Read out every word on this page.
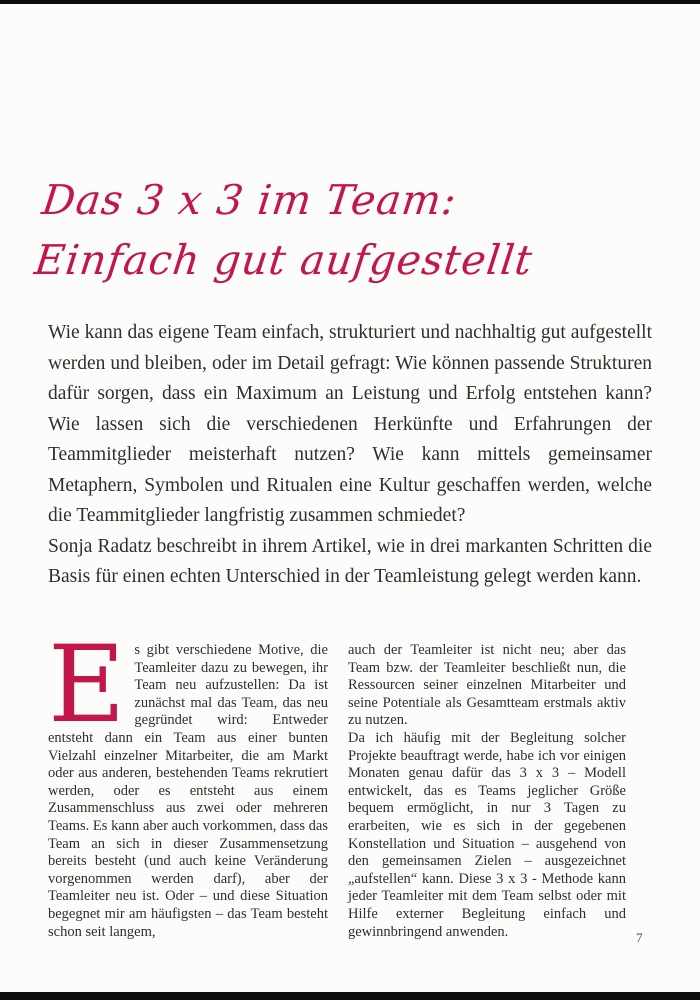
Das 3 x 3 im Team:
Einfach gut aufgestellt

Wie kann das eigene Team einfach, strukturiert und nachhaltig gut aufgestellt werden und bleiben, oder im Detail gefragt: Wie können passende Strukturen dafür sorgen, dass ein Maximum an Leistung und Erfolg entstehen kann? Wie lassen sich die verschiedenen Herkünfte und Erfahrungen der Teammitglieder meisterhaft nutzen? Wie kann mittels gemeinsamer Metaphern, Symbolen und Ritualen eine Kultur geschaffen werden, welche die Teammitglieder langfristig zusammen schmiedet?

Sonja Radatz beschreibt in ihrem Artikel, wie in drei markanten Schritten die Basis für einen echten Unterschied in der Teamleistung gelegt werden kann.

Es gibt verschiedene Motive, die Teamleiter dazu zu bewegen, ihr Team neu aufzustellen: Da ist zunächst mal das Team, das neu gegründet wird: Entweder entsteht dann ein Team aus einer bunten Vielzahl einzelner Mitarbeiter, die am Markt oder aus anderen, bestehenden Teams rekrutiert werden, oder es entsteht aus einem Zusammenschluss aus zwei oder mehreren Teams. Es kann aber auch vorkommen, dass das Team an sich in dieser Zusammensetzung bereits besteht (und auch keine Veränderung vorgenommen werden darf), aber der Teamleiter neu ist. Oder – und diese Situation begegnet mir am häufigsten – das Team besteht schon seit langem,

auch der Teamleiter ist nicht neu; aber das Team bzw. der Teamleiter beschließt nun, die Ressourcen seiner einzelnen Mitarbeiter und seine Potentiale als Gesamtteam erstmals aktiv zu nutzen.

Da ich häufig mit der Begleitung solcher Projekte beauftragt werde, habe ich vor einigen Monaten genau dafür das 3 x 3 – Modell entwickelt, das es Teams jeglicher Größe bequem ermöglicht, in nur 3 Tagen zu erarbeiten, wie es sich in der gegebenen Konstellation und Situation – ausgehend von den gemeinsamen Zielen – ausgezeichnet „aufstellen“ kann. Diese 3 x 3 - Methode kann jeder Teamleiter mit dem Team selbst oder mit Hilfe externer Begleitung einfach und gewinnbringend anwenden.	7
